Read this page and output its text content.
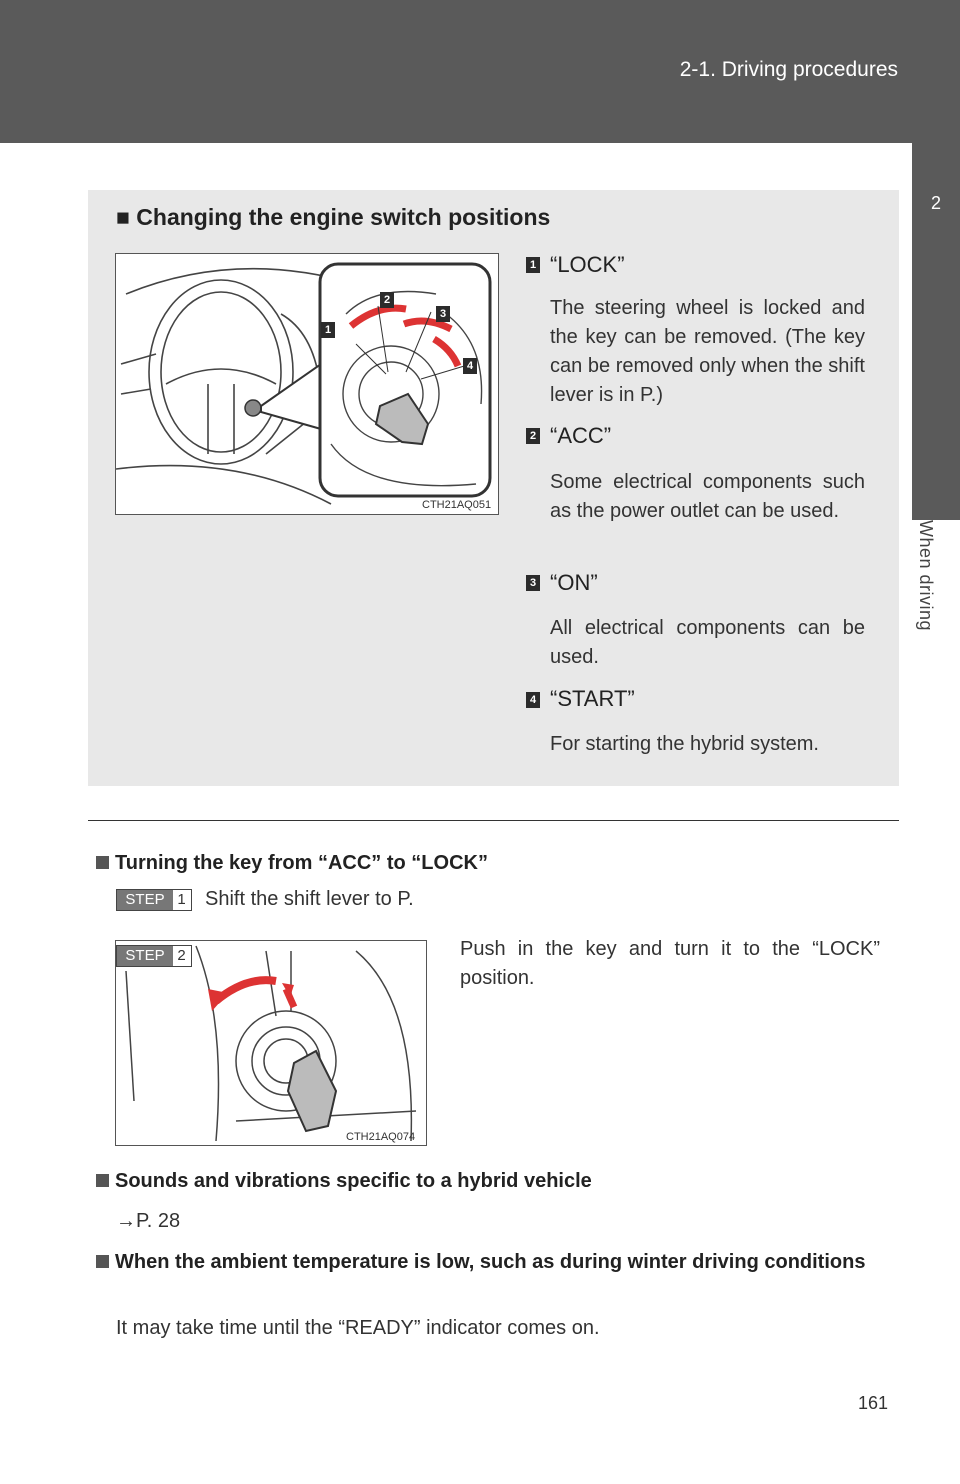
2-1. Driving procedures
2
When driving
■ Changing the engine switch positions
1
2
3
4
CTH21AQ051
1 “LOCK”
The steering wheel is locked and the key can be removed. (The key can be removed only when the shift lever is in P.)
2 “ACC”
Some electrical components such as the power outlet can be used.
3 “ON”
All electrical components can be used.
4 “START”
For starting the hybrid system.
Turning the key from “ACC” to “LOCK”
STEP 1 Shift the shift lever to P.
STEP 2
CTH21AQ074
Push in the key and turn it to the “LOCK” position.
Sounds and vibrations specific to a hybrid vehicle
→P. 28
When the ambient temperature is low, such as during winter driving conditions
It may take time until the “READY” indicator comes on.
161
